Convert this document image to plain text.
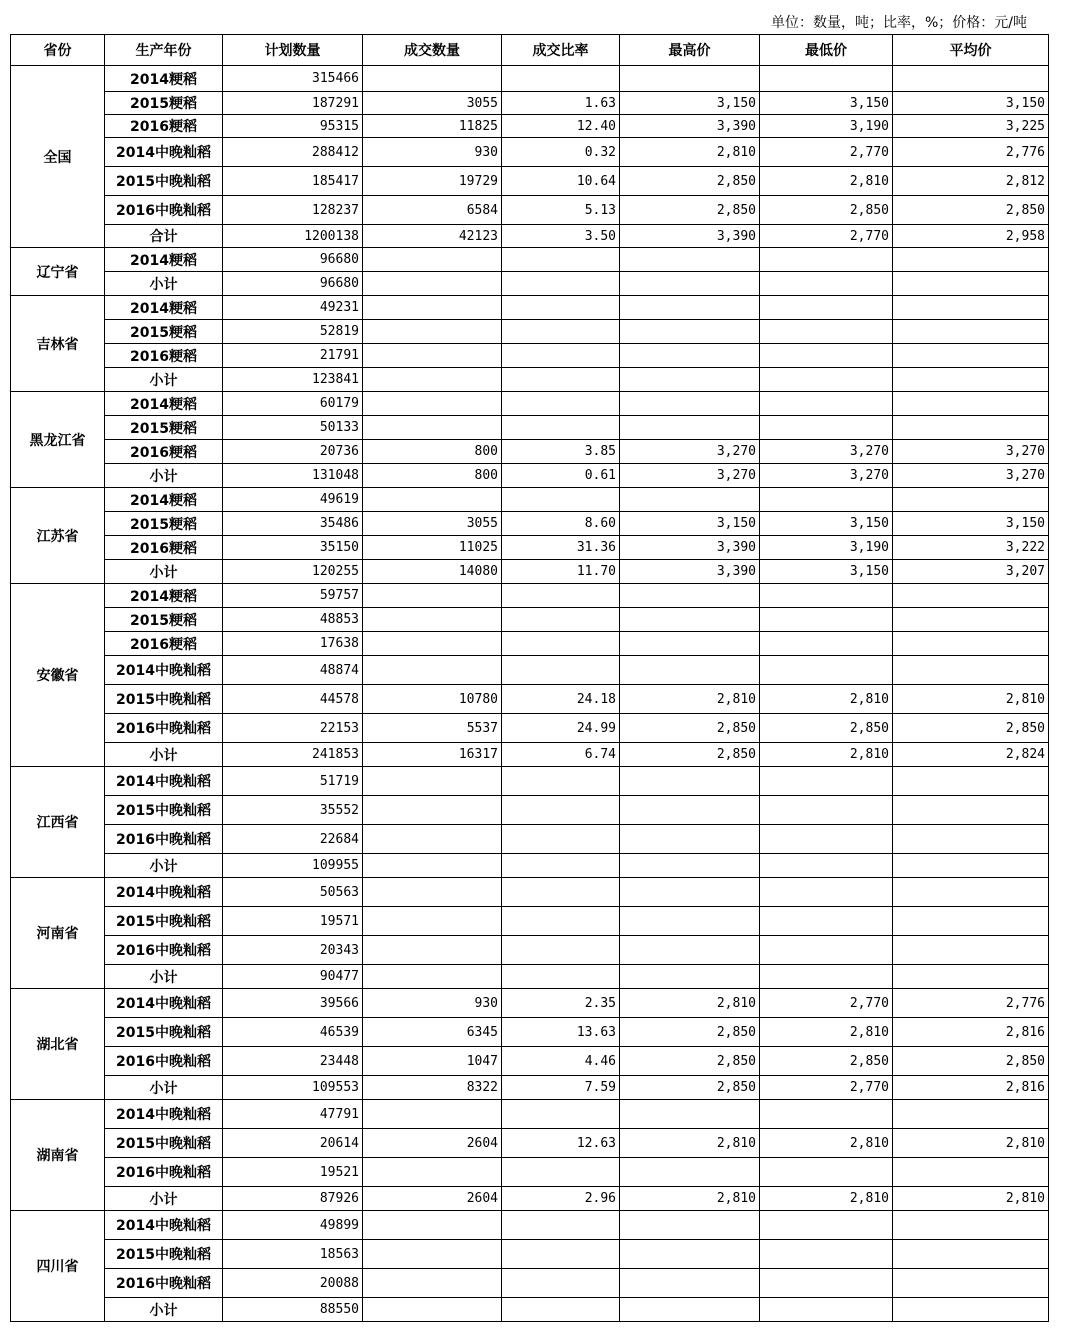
单位：数量，吨；比率，%；价格：元/吨
省份	生产年份	计划数量	成交数量	成交比率	最高价	最低价	平均价
全国	2014粳稻	315466					
	2015粳稻	187291	3055	1.63	3,150	3,150	3,150
	2016粳稻	95315	11825	12.40	3,390	3,190	3,225
	2014中晚籼稻	288412	930	0.32	2,810	2,770	2,776
	2015中晚籼稻	185417	19729	10.64	2,850	2,810	2,812
	2016中晚籼稻	128237	6584	5.13	2,850	2,850	2,850
	合计	1200138	42123	3.50	3,390	2,770	2,958
辽宁省	2014粳稻	96680					
	小计	96680					
吉林省	2014粳稻	49231					
	2015粳稻	52819					
	2016粳稻	21791					
	小计	123841					
黑龙江省	2014粳稻	60179					
	2015粳稻	50133					
	2016粳稻	20736	800	3.85	3,270	3,270	3,270
	小计	131048	800	0.61	3,270	3,270	3,270
江苏省	2014粳稻	49619					
	2015粳稻	35486	3055	8.60	3,150	3,150	3,150
	2016粳稻	35150	11025	31.36	3,390	3,190	3,222
	小计	120255	14080	11.70	3,390	3,150	3,207
安徽省	2014粳稻	59757					
	2015粳稻	48853					
	2016粳稻	17638					
	2014中晚籼稻	48874					
	2015中晚籼稻	44578	10780	24.18	2,810	2,810	2,810
	2016中晚籼稻	22153	5537	24.99	2,850	2,850	2,850
	小计	241853	16317	6.74	2,850	2,810	2,824
江西省	2014中晚籼稻	51719					
	2015中晚籼稻	35552					
	2016中晚籼稻	22684					
	小计	109955					
河南省	2014中晚籼稻	50563					
	2015中晚籼稻	19571					
	2016中晚籼稻	20343					
	小计	90477					
湖北省	2014中晚籼稻	39566	930	2.35	2,810	2,770	2,776
	2015中晚籼稻	46539	6345	13.63	2,850	2,810	2,816
	2016中晚籼稻	23448	1047	4.46	2,850	2,850	2,850
	小计	109553	8322	7.59	2,850	2,770	2,816
湖南省	2014中晚籼稻	47791					
	2015中晚籼稻	20614	2604	12.63	2,810	2,810	2,810
	2016中晚籼稻	19521					
	小计	87926	2604	2.96	2,810	2,810	2,810
四川省	2014中晚籼稻	49899					
	2015中晚籼稻	18563					
	2016中晚籼稻	20088					
	小计	88550					
